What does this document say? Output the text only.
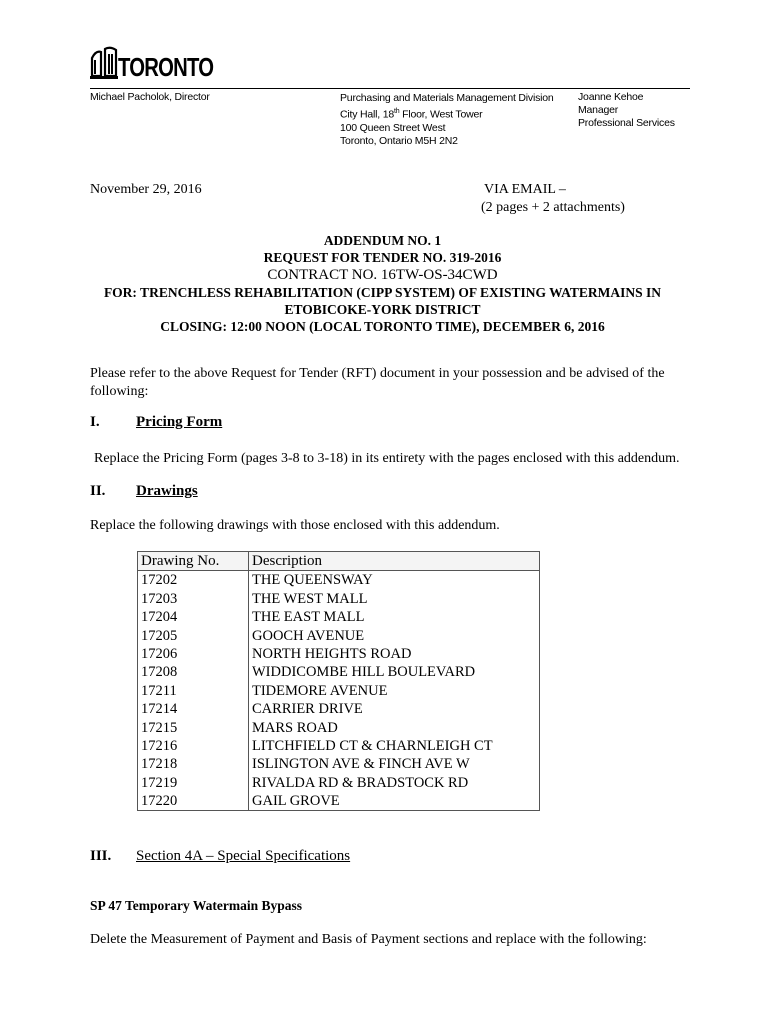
TORONTO
Michael Pacholok, Director	Purchasing and Materials Management Division
City Hall, 18th Floor, West Tower
100 Queen Street West
Toronto, Ontario M5H 2N2
Joanne Kehoe
Manager
Professional Services
November 29, 2016	VIA EMAIL –
(2 pages + 2 attachments)
ADDENDUM NO. 1
REQUEST FOR TENDER NO. 319-2016
CONTRACT NO. 16TW-OS-34CWD
FOR: TRENCHLESS REHABILITATION (CIPP SYSTEM) OF EXISTING WATERMAINS IN
ETOBICOKE-YORK DISTRICT
CLOSING: 12:00 NOON (LOCAL TORONTO TIME), DECEMBER 6, 2016
Please refer to the above Request for Tender (RFT) document in your possession and be advised of the following:
I. Pricing Form
Replace the Pricing Form (pages 3-8 to 3-18) in its entirety with the pages enclosed with this addendum.
II. Drawings
Replace the following drawings with those enclosed with this addendum.
Drawing No.	Description
17202	THE QUEENSWAY
17203	THE WEST MALL
17204	THE EAST MALL
17205	GOOCH AVENUE
17206	NORTH HEIGHTS ROAD
17208	WIDDICOMBE HILL BOULEVARD
17211	TIDEMORE AVENUE
17214	CARRIER DRIVE
17215	MARS ROAD
17216	LITCHFIELD CT & CHARNLEIGH CT
17218	ISLINGTON AVE & FINCH AVE W
17219	RIVALDA RD & BRADSTOCK RD
17220	GAIL GROVE
III. Section 4A – Special Specifications
SP 47 Temporary Watermain Bypass
Delete the Measurement of Payment and Basis of Payment sections and replace with the following:
